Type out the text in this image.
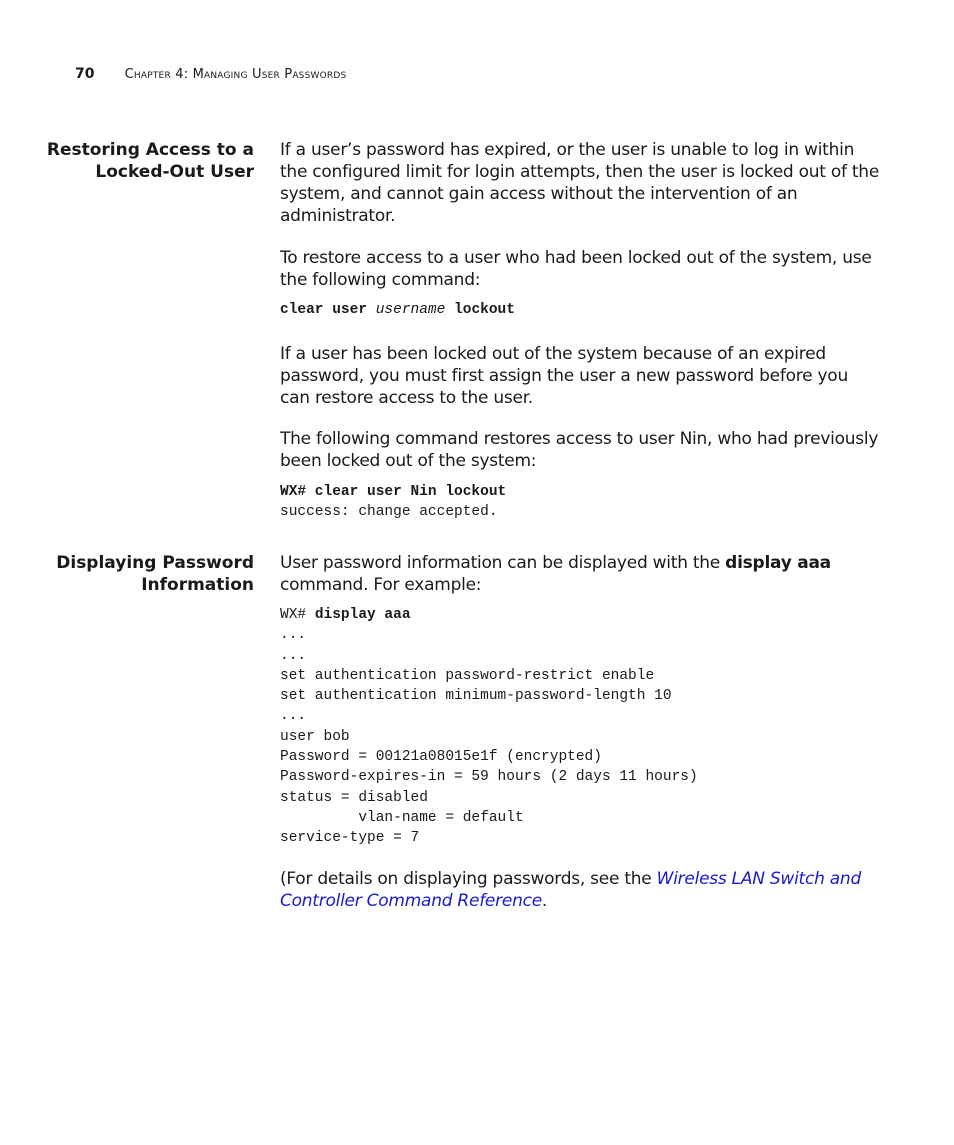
70 Chapter 4: Managing User Passwords
Restoring Access to a
Locked-Out User

If a user’s password has expired, or the user is unable to log in within the configured limit for login attempts, then the user is locked out of the system, and cannot gain access without the intervention of an administrator.

To restore access to a user who had been locked out of the system, use the following command:

clear user username lockout

If a user has been locked out of the system because of an expired password, you must first assign the user a new password before you can restore access to the user.

The following command restores access to user Nin, who had previously been locked out of the system:

WX# clear user Nin lockout
success: change accepted.
Displaying Password
Information

User password information can be displayed with the display aaa command. For example:

WX# display aaa
...
...
set authentication password-restrict enable
set authentication minimum-password-length 10
...
user bob
Password = 00121a08015e1f (encrypted)
Password-expires-in = 59 hours (2 days 11 hours)
status = disabled
vlan-name = default
service-type = 7

(For details on displaying passwords, see the Wireless LAN Switch and Controller Command Reference.
